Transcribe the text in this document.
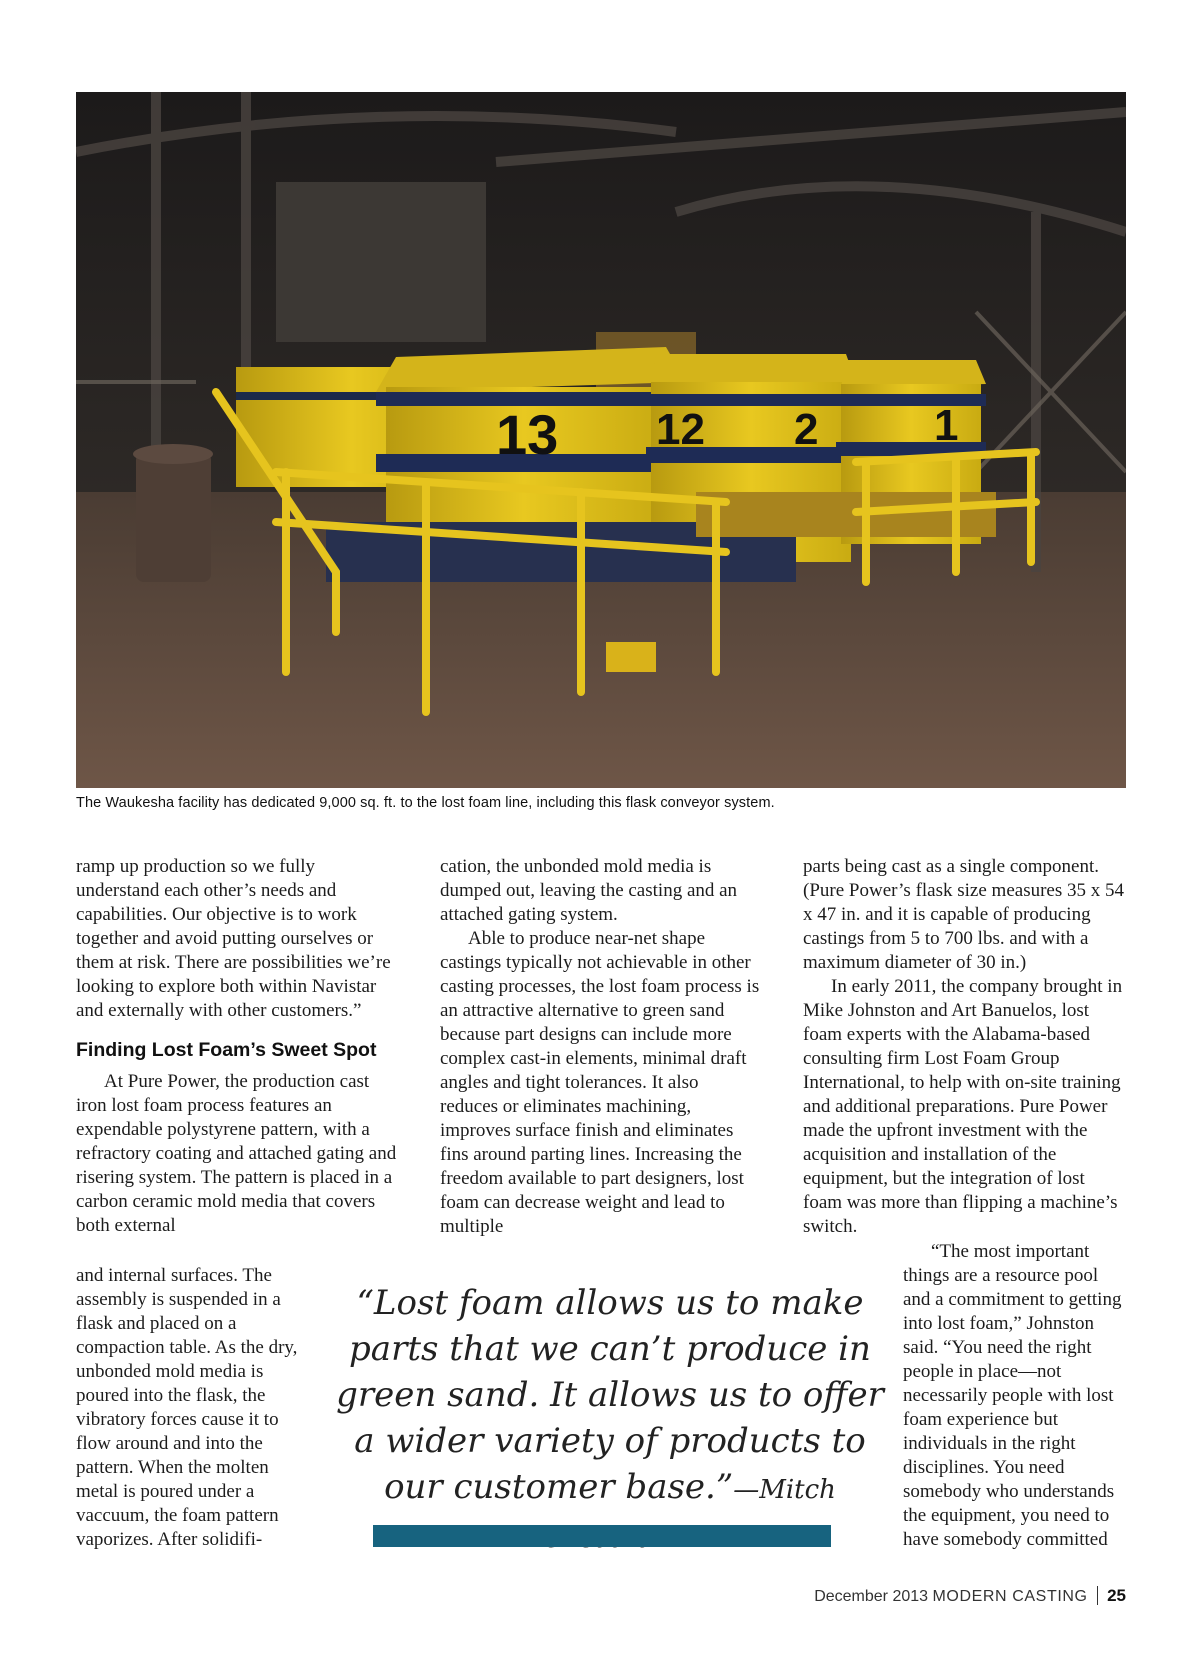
13 12 2	1
The Waukesha facility has dedicated 9,000 sq. ft. to the lost foam line, including this flask conveyor system.

ramp up production so we fully understand each other’s needs and capabilities. Our objective is to work together and avoid putting ourselves or them at risk. There are possibilities we’re looking to explore both within Navistar and externally with other customers.”

Finding Lost Foam’s Sweet Spot

At Pure Power, the production cast iron lost foam process features an expendable polystyrene pattern, with a refractory coating and attached gating and risering system. The pattern is placed in a carbon ceramic mold media that covers both external

and internal surfaces. The assembly is suspended in a flask and placed on a compaction table. As the dry, unbonded mold media is poured into the flask, the vibratory forces cause it to flow around and into the pattern. When the molten metal is poured under a vaccuum, the foam pattern vaporizes. After solidifi-

cation, the unbonded mold media is dumped out, leaving the casting and an attached gating system.

Able to produce near-net shape castings typically not achievable in other casting processes, the lost foam process is an attractive alternative to green sand because part designs can include more complex cast-in elements, minimal draft angles and tight tolerances. It also reduces or eliminates machining, improves surface finish and eliminates fins around parting lines. Increasing the freedom available to part designers, lost foam can decrease weight and lead to multiple

parts being cast as a single component. (Pure Power’s flask size measures 35 x 54 x 47 in. and it is capable of producing castings from 5 to 700 lbs. and with a maximum diameter of 30 in.)

In early 2011, the company brought in Mike Johnston and Art Banuelos, lost foam experts with the Alabama-based consulting firm Lost Foam Group International, to help with on-site training and additional preparations. Pure Power made the upfront investment with the acquisition and installation of the equipment, but the integration of lost foam was more than flipping a machine’s switch.

“The most important things are a resource pool and a commitment to getting into lost foam,” Johnston said. “You need the right people in place—not necessarily people with lost foam experience but individuals in the right disciplines. You need somebody who understands the equipment, you need to have somebody committed

“Lost foam allows us to make parts that we can’t produce in green sand. It allows us to offer a wider variety of products to our customer base.”—Mitch
December 2013 MODERN CASTING 25
